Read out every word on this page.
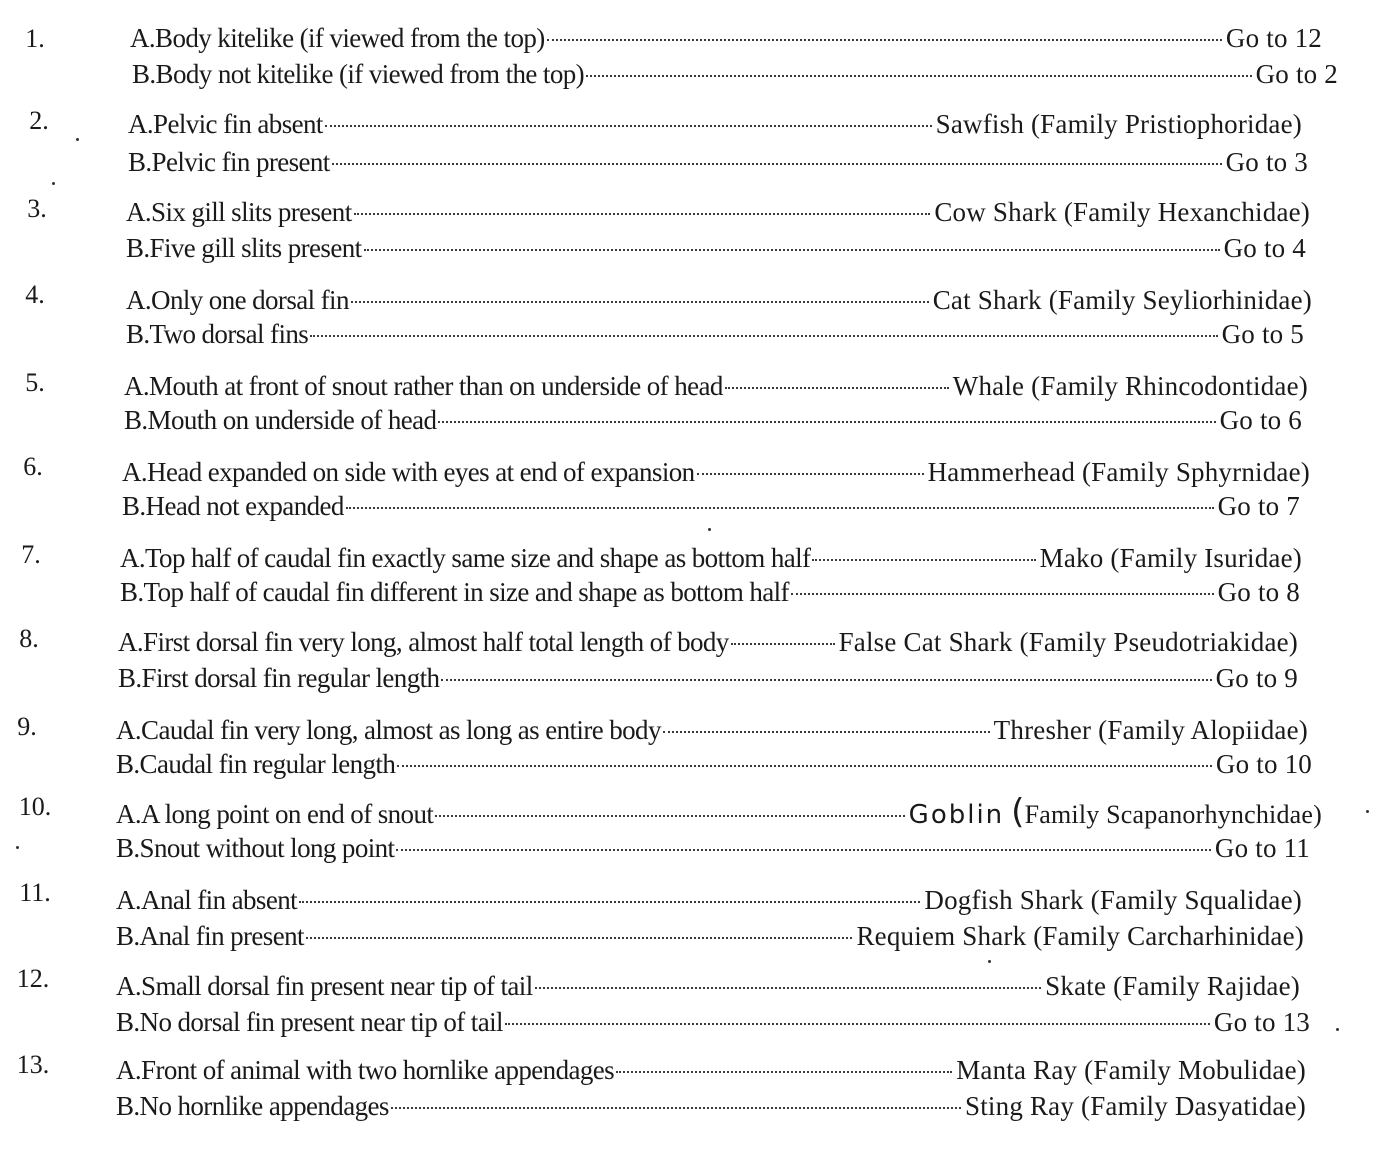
1.	A.Body kitelike (if viewed from the top)	Go to 12
B.Body not kitelike (if viewed from the top)	Go to 2
2.	A.Pelvic fin absent	Sawfish (Family Pristiophoridae)
B.Pelvic fin present	Go to 3
3.	A.Six gill slits present	Cow Shark (Family Hexanchidae)
B.Five gill slits present	Go to 4
4.	A.Only one dorsal fin	Cat Shark (Family Seyliorhinidae)
B.Two dorsal fins	Go to 5
5.	A.Mouth at front of snout rather than on underside of head	Whale (Family Rhincodontidae)
B.Mouth on underside of head	Go to 6
6.	A.Head expanded on side with eyes at end of expansion	Hammerhead (Family Sphyrnidae)
B.Head not expanded	Go to 7
7.	A.Top half of caudal fin exactly same size and shape as bottom half	Mako (Family Isuridae)
B.Top half of caudal fin different in size and shape as bottom half	Go to 8
8.	A.First dorsal fin very long, almost half total length of body	False Cat Shark (Family Pseudotriakidae)
B.First dorsal fin regular length	Go to 9
9.	A.Caudal fin very long, almost as long as entire body	Thresher (Family Alopiidae)
B.Caudal fin regular length	Go to 10
10.	A.A long point on end of snout	Goblin (Family Scapanorhynchidae)
B.Snout without long point	Go to 11
11.	A.Anal fin absent	Dogfish Shark (Family Squalidae)
B.Anal fin present	Requiem Shark (Family Carcharhinidae)
12.	A.Small dorsal fin present near tip of tail	Skate (Family Rajidae)
B.No dorsal fin present near tip of tail	Go to 13
13.	A.Front of animal with two hornlike appendages	Manta Ray (Family Mobulidae)
B.No hornlike appendages	Sting Ray (Family Dasyatidae)
